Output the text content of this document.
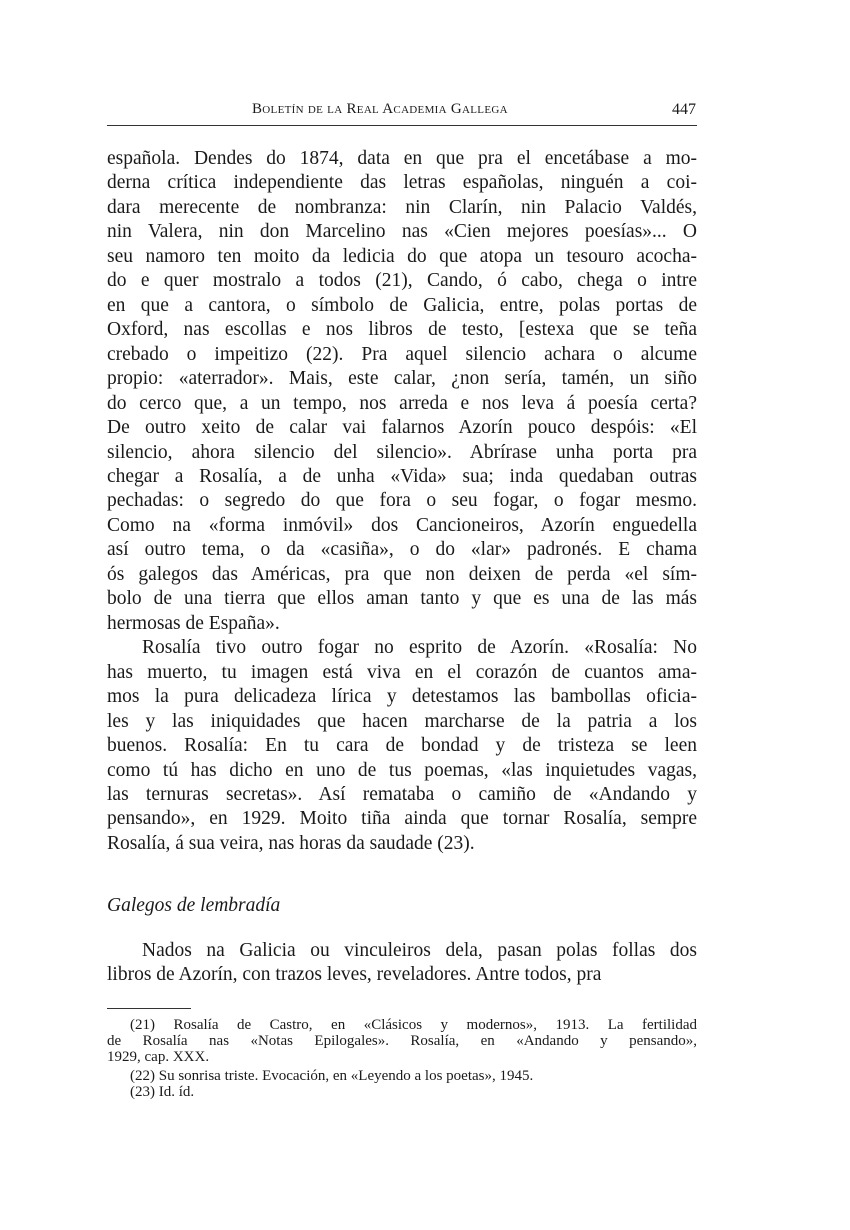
Boletín de la Real Academia Gallega	447
española. Dendes do 1874, data en que pra el encetábase a mo-
derna crítica independiente das letras españolas, ninguén a coi-
dara merecente de nombranza: nin Clarín, nin Palacio Valdés,
nin Valera, nin don Marcelino nas «Cien mejores poesías»... O
seu namoro ten moito da ledicia do que atopa un tesouro acocha-
do e quer mostralo a todos (21), Cando, ó cabo, chega o intre
en que a cantora, o símbolo de Galicia, entre, polas portas de
Oxford, nas escollas e nos libros de testo, [estexa que se teña
crebado o impeitizo (22). Pra aquel silencio achara o alcume
propio: «aterrador». Mais, este calar, ¿non sería, tamén, un siño
do cerco que, a un tempo, nos arreda e nos leva á poesía certa?
De outro xeito de calar vai falarnos Azorín pouco despóis: «El
silencio, ahora silencio del silencio». Abrírase unha porta pra
chegar a Rosalía, a de unha «Vida» sua; inda quedaban outras
pechadas: o segredo do que fora o seu fogar, o fogar mesmo.
Como na «forma inmóvil» dos Cancioneiros, Azorín enguedella
así outro tema, o da «casiña», o do «lar» padronés. E chama
ós galegos das Américas, pra que non deixen de perda «el sím-
bolo de una tierra que ellos aman tanto y que es una de las más
hermosas de España».
Rosalía tivo outro fogar no esprito de Azorín. «Rosalía: No
has muerto, tu imagen está viva en el corazón de cuantos ama-
mos la pura delicadeza lírica y detestamos las bambollas oficia-
les y las iniquidades que hacen marcharse de la patria a los
buenos. Rosalía: En tu cara de bondad y de tristeza se leen
como tú has dicho en uno de tus poemas, «las inquietudes vagas,
las ternuras secretas». Así remataba o camiño de «Andando y
pensando», en 1929. Moito tiña ainda que tornar Rosalía, sempre
Rosalía, á sua veira, nas horas da saudade (23).
Nados na Galicia ou vinculeiros dela, pasan polas follas dos
libros de Azorín, con trazos leves, reveladores. Antre todos, pra
Galegos de lembradía
(21) Rosalía de Castro, en «Clásicos y modernos», 1913. La fertilidad
de Rosalía nas «Notas Epilogales». Rosalía, en «Andando y pensando»,
1929, cap. XXX.
(22) Su sonrisa triste. Evocación, en «Leyendo a los poetas», 1945.
(23) Id. íd.
